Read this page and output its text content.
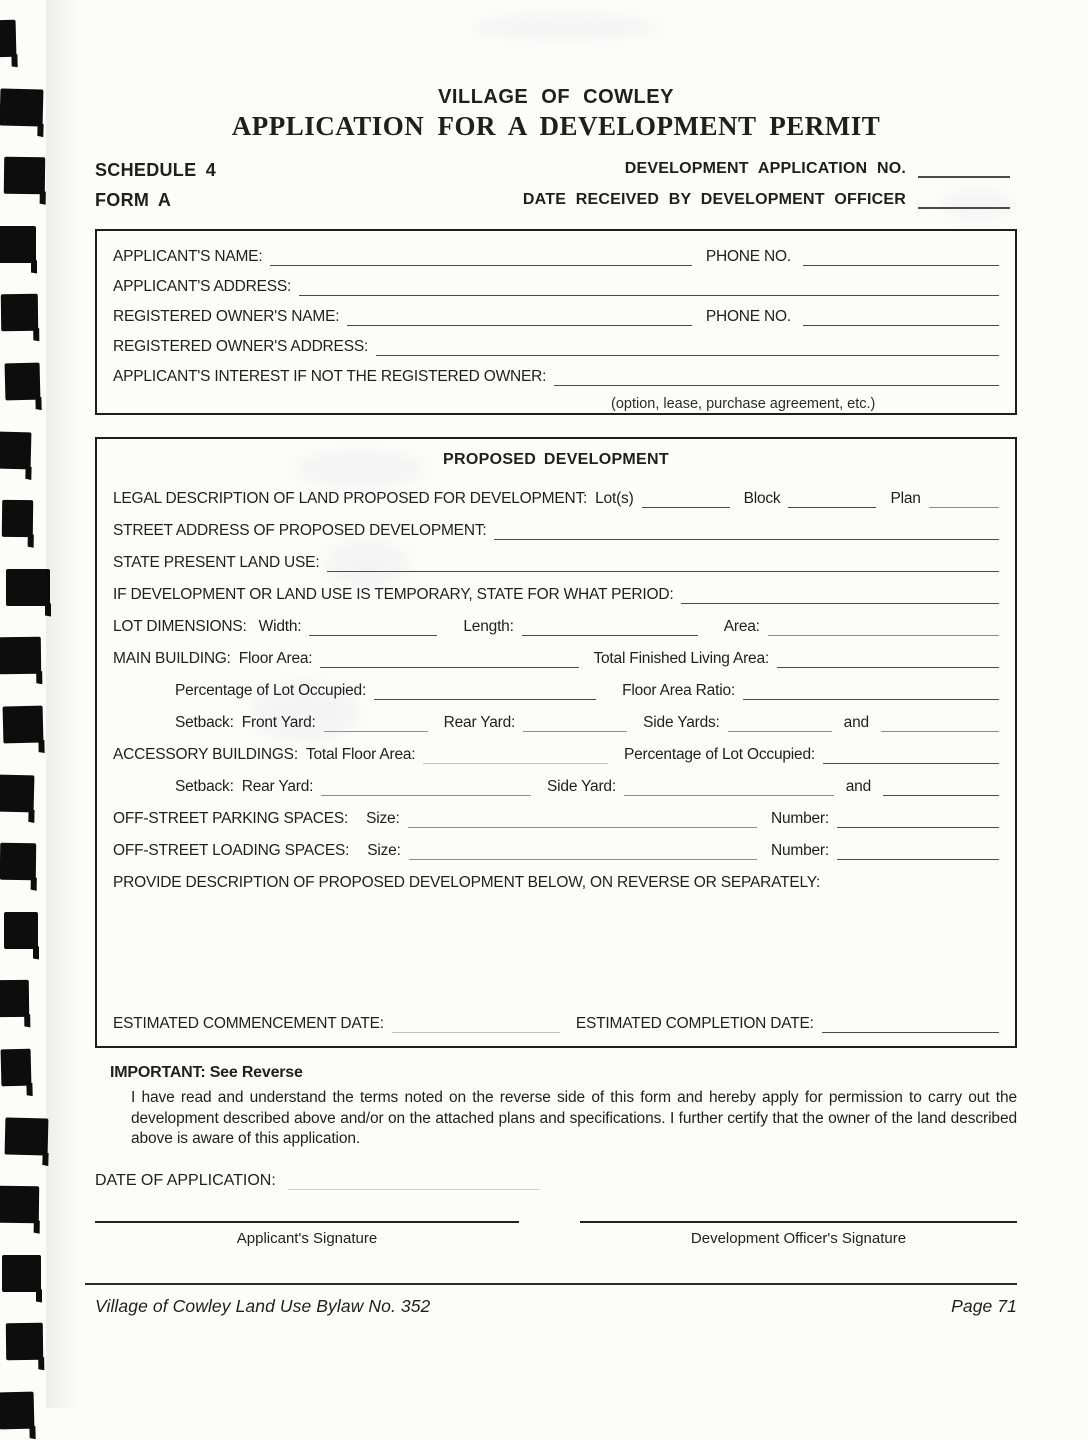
VILLAGE OF COWLEY
APPLICATION FOR A DEVELOPMENT PERMIT
SCHEDULE 4
FORM A
DEVELOPMENT APPLICATION NO.
DATE RECEIVED BY DEVELOPMENT OFFICER
APPLICANT'S NAME:	PHONE NO.
APPLICANT'S ADDRESS:
REGISTERED OWNER'S NAME:	PHONE NO.
REGISTERED OWNER'S ADDRESS:
APPLICANT'S INTEREST IF NOT THE REGISTERED OWNER:
(option, lease, purchase agreement, etc.)
PROPOSED DEVELOPMENT
LEGAL DESCRIPTION OF LAND PROPOSED FOR DEVELOPMENT: Lot(s)	Block	Plan
STREET ADDRESS OF PROPOSED DEVELOPMENT:
STATE PRESENT LAND USE:
IF DEVELOPMENT OR LAND USE IS TEMPORARY, STATE FOR WHAT PERIOD:
LOT DIMENSIONS: Width:	Length:	Area:
MAIN BUILDING: Floor Area:	Total Finished Living Area:
Percentage of Lot Occupied:	Floor Area Ratio:
Setback: Front Yard:	Rear Yard:	Side Yards:	and
ACCESSORY BUILDINGS: Total Floor Area:	Percentage of Lot Occupied:
Setback: Rear Yard:	Side Yard:	and
OFF-STREET PARKING SPACES: Size:	Number:
OFF-STREET LOADING SPACES: Size:	Number:
PROVIDE DESCRIPTION OF PROPOSED DEVELOPMENT BELOW, ON REVERSE OR SEPARATELY:
ESTIMATED COMMENCEMENT DATE:	ESTIMATED COMPLETION DATE:
IMPORTANT: See Reverse
I have read and understand the terms noted on the reverse side of this form and hereby apply for permission to carry out the development described above and/or on the attached plans and specifications. I further certify that the owner of the land described above is aware of this application.
DATE OF APPLICATION:
Applicant's Signature	Development Officer's Signature
Village of Cowley Land Use Bylaw No. 352	Page 71
